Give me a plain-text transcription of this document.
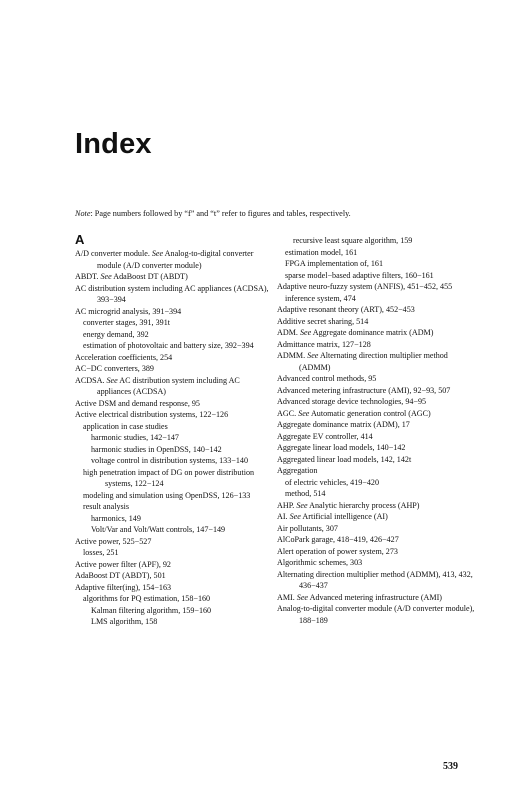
Index
Note: Page numbers followed by “f” and “t” refer to figures and tables, respectively.
A
A/D converter module. See Analog-to-digital converter module (A/D converter module)
ABDT. See AdaBoost DT (ABDT)
AC distribution system including AC appliances (ACDSA), 393−394
AC microgrid analysis, 391−394
converter stages, 391, 391t
energy demand, 392
estimation of photovoltaic and battery size, 392−394
Acceleration coefficients, 254
AC−DC converters, 389
ACDSA. See AC distribution system including AC appliances (ACDSA)
Active DSM and demand response, 95
Active electrical distribution systems, 122−126
application in case studies
harmonic studies, 142−147
harmonic studies in OpenDSS, 140−142
voltage control in distribution systems, 133−140
high penetration impact of DG on power distribution systems, 122−124
modeling and simulation using OpenDSS, 126−133
result analysis
harmonics, 149
Volt/Var and Volt/Watt controls, 147−149
Active power, 525−527
losses, 251
Active power filter (APF), 92
AdaBoost DT (ABDT), 501
Adaptive filter(ing), 154−163
algorithms for PQ estimation, 158−160
Kalman filtering algorithm, 159−160
LMS algorithm, 158
recursive least square algorithm, 159
estimation model, 161
FPGA implementation of, 161
sparse model−based adaptive filters, 160−161
Adaptive neuro-fuzzy system (ANFIS), 451−452, 455
inference system, 474
Adaptive resonant theory (ART), 452−453
Additive secret sharing, 514
ADM. See Aggregate dominance matrix (ADM)
Admittance matrix, 127−128
ADMM. See Alternating direction multiplier method (ADMM)
Advanced control methods, 95
Advanced metering infrastructure (AMI), 92−93, 507
Advanced storage device technologies, 94−95
AGC. See Automatic generation control (AGC)
Aggregate dominance matrix (ADM), 17
Aggregate EV controller, 414
Aggregate linear load models, 140−142
Aggregated linear load models, 142, 142t
Aggregation
of electric vehicles, 419−420
method, 514
AHP. See Analytic hierarchy process (AHP)
AI. See Artificial intelligence (AI)
Air pollutants, 307
AlCoPark garage, 418−419, 426−427
Alert operation of power system, 273
Algorithmic schemes, 303
Alternating direction multiplier method (ADMM), 413, 432, 436−437
AMI. See Advanced metering infrastructure (AMI)
Analog-to-digital converter module (A/D converter module), 188−189
539
